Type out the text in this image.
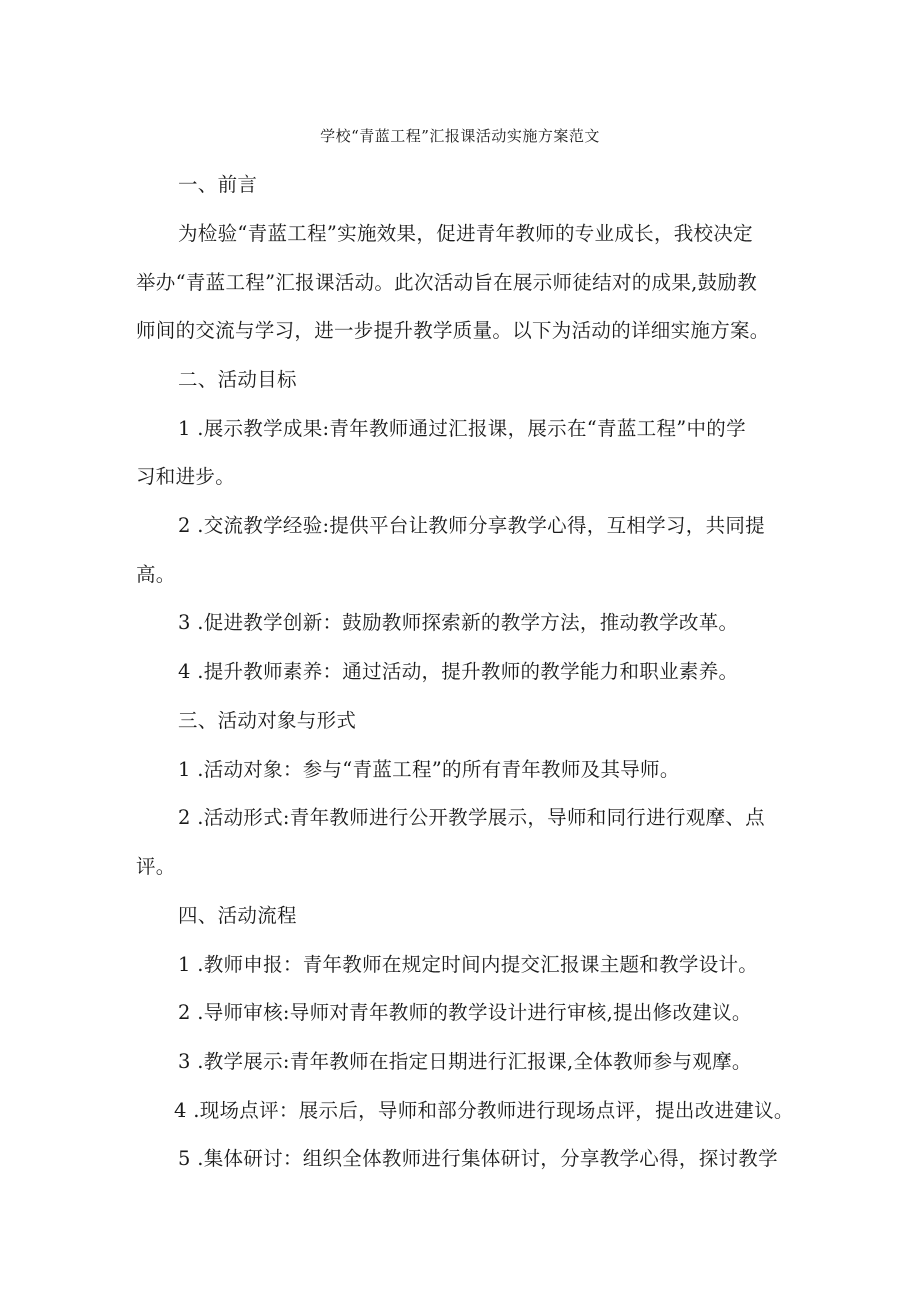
学校“青蓝工程”汇报课活动实施方案范文
一、前言
为检验“青蓝工程”实施效果，促进青年教师的专业成长，我校决定
举办“青蓝工程”汇报课活动。此次活动旨在展示师徒结对的成果,鼓励教
师间的交流与学习，进一步提升教学质量。以下为活动的详细实施方案。
二、活动目标
1 .展示教学成果:青年教师通过汇报课，展示在“青蓝工程”中的学
习和进步。
2 .交流教学经验:提供平台让教师分享教学心得，互相学习，共同提
高。
3 .促进教学创新：鼓励教师探索新的教学方法，推动教学改革。
4 .提升教师素养：通过活动，提升教师的教学能力和职业素养。
三、活动对象与形式
1 .活动对象：参与“青蓝工程”的所有青年教师及其导师。
2 .活动形式:青年教师进行公开教学展示，导师和同行进行观摩、点
评。
四、活动流程
1 .教师申报：青年教师在规定时间内提交汇报课主题和教学设计。
2 .导师审核:导师对青年教师的教学设计进行审核,提出修改建议。
3 .教学展示:青年教师在指定日期进行汇报课,全体教师参与观摩。
4 .现场点评：展示后，导师和部分教师进行现场点评，提出改进建议。
5 .集体研讨：组织全体教师进行集体研讨，分享教学心得，探讨教学
